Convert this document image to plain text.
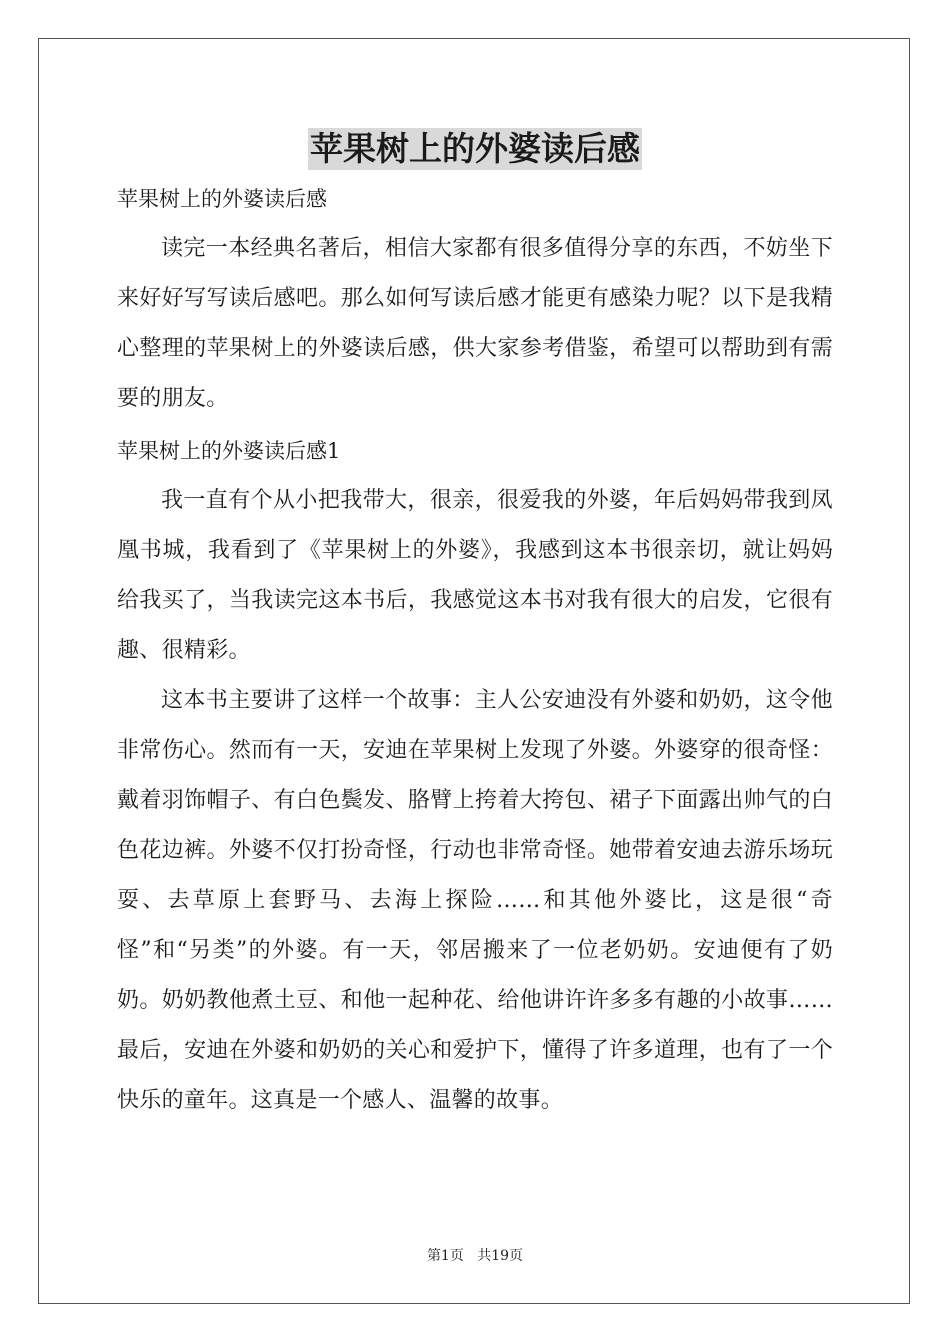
苹果树上的外婆读后感

苹果树上的外婆读后感

读完一本经典名著后，相信大家都有很多值得分享的东西，不妨坐下来好好写写读后感吧。那么如何写读后感才能更有感染力呢？以下是我精心整理的苹果树上的外婆读后感，供大家参考借鉴，希望可以帮助到有需要的朋友。

苹果树上的外婆读后感1

我一直有个从小把我带大，很亲，很爱我的外婆，年后妈妈带我到凤凰书城，我看到了《苹果树上的外婆》，我感到这本书很亲切，就让妈妈给我买了，当我读完这本书后，我感觉这本书对我有很大的启发，它很有趣、很精彩。

这本书主要讲了这样一个故事：主人公安迪没有外婆和奶奶，这令他非常伤心。然而有一天，安迪在苹果树上发现了外婆。外婆穿的很奇怪：戴着羽饰帽子、有白色鬓发、胳臂上挎着大挎包、裙子下面露出帅气的白色花边裤。外婆不仅打扮奇怪，行动也非常奇怪。她带着安迪去游乐场玩耍、去草原上套野马、去海上探险……和其他外婆比，这是很“奇怪”和“另类”的外婆。有一天，邻居搬来了一位老奶奶。安迪便有了奶奶。奶奶教他煮土豆、和他一起种花、给他讲许许多多有趣的小故事……最后，安迪在外婆和奶奶的关心和爱护下，懂得了许多道理，也有了一个快乐的童年。这真是一个感人、温馨的故事。

第1页 共19页
